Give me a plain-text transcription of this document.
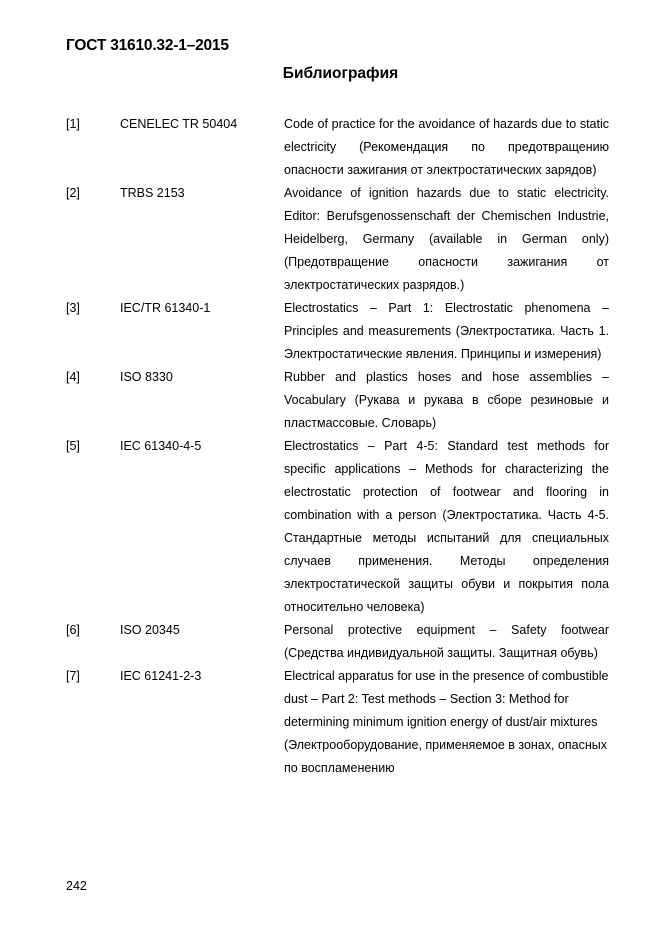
ГОСТ 31610.32-1–2015
Библиография
[1]	CENELEC TR 50404	Code of practice for the avoidance of hazards due to static electricity (Рекомендация по предотвращению опасности зажигания от электростатических зарядов)
[2]	TRBS 2153	Avoidance of ignition hazards due to static electricity. Editor: Berufsgenossenschaft der Chemischen Industrie, Heidelberg, Germany (available in German only) (Предотвращение опасности зажигания от электростатических разрядов.)
[3]	IEC/TR 61340-1	Electrostatics – Part 1: Electrostatic phenomena – Principles and measurements (Электростатика. Часть 1. Электростатические явления. Принципы и измерения)
[4]	ISO 8330	Rubber and plastics hoses and hose assemblies – Vocabulary (Рукава и рукава в сборе резиновые и пластмассовые. Словарь)
[5]	IEC 61340-4-5	Electrostatics – Part 4-5: Standard test methods for specific applications – Methods for characterizing the electrostatic protection of footwear and flooring in combination with a person (Электростатика. Часть 4-5. Стандартные методы испытаний для специальных случаев применения. Методы определения электростатической защиты обуви и покрытия пола относительно человека)
[6]	ISO 20345	Personal protective equipment – Safety footwear (Средства индивидуальной защиты. Защитная обувь)
[7]	IEC 61241-2-3	Electrical apparatus for use in the presence of combustible dust – Part 2: Test methods – Section 3: Method for determining minimum ignition energy of dust/air mixtures (Электрооборудование, применяемое в зонах, опасных по воспламенению
242
